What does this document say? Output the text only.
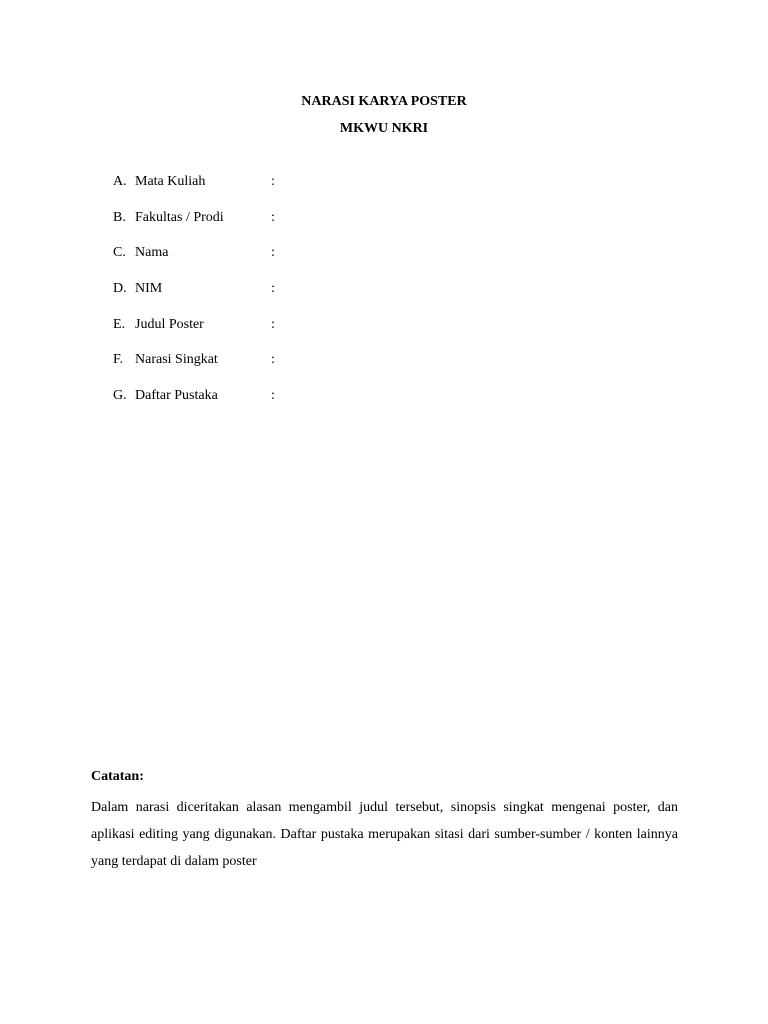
NARASI KARYA POSTER
MKWU NKRI
A. Mata Kuliah	:
B. Fakultas / Prodi	:
C. Nama	:
D. NIM	:
E. Judul Poster	:
F. Narasi Singkat	:
G. Daftar Pustaka	:

Catatan:

Dalam narasi diceritakan alasan mengambil judul tersebut, sinopsis singkat mengenai poster, dan aplikasi editing yang digunakan. Daftar pustaka merupakan sitasi dari sumber-sumber / konten lainnya yang terdapat di dalam poster
